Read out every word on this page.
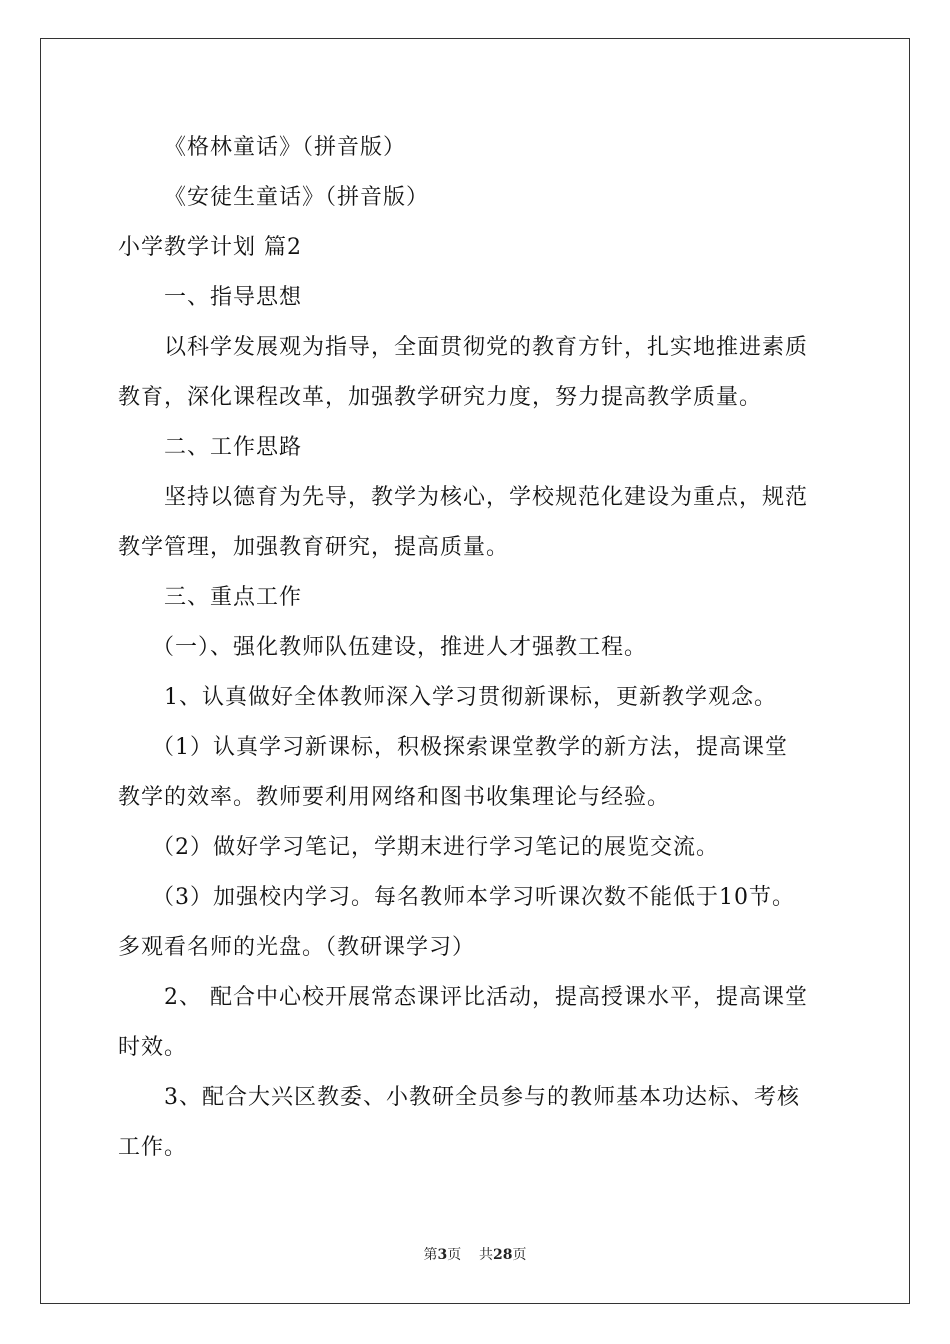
《格林童话》（拼音版）
《安徒生童话》（拼音版）
小学教学计划 篇2
一、指导思想
以科学发展观为指导，全面贯彻党的教育方针，扎实地推进素质
教育，深化课程改革，加强教学研究力度，努力提高教学质量。
二、工作思路
坚持以德育为先导，教学为核心，学校规范化建设为重点，规范
教学管理，加强教育研究，提高质量。
三、重点工作
（一）、强化教师队伍建设，推进人才强教工程。
1、认真做好全体教师深入学习贯彻新课标，更新教学观念。
（1）认真学习新课标，积极探索课堂教学的新方法，提高课堂
教学的效率。教师要利用网络和图书收集理论与经验。
（2）做好学习笔记，学期末进行学习笔记的展览交流。
（3）加强校内学习。每名教师本学习听课次数不能低于10节。
多观看名师的光盘。（教研课学习）
2、 配合中心校开展常态课评比活动，提高授课水平，提高课堂
时效。
3、配合大兴区教委、小教研全员参与的教师基本功达标、考核
工作。
第3页 共28页
